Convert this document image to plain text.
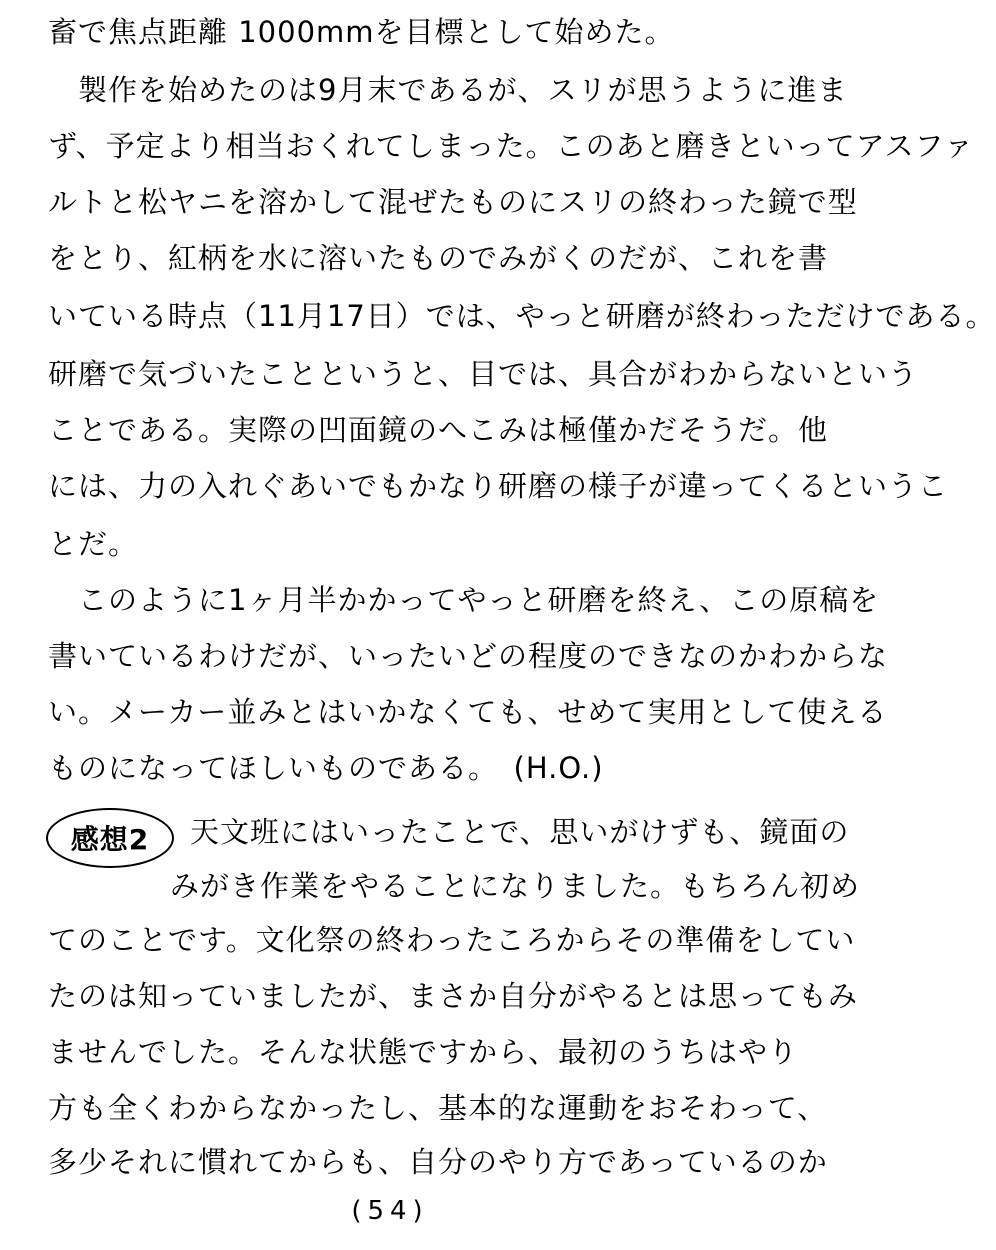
畜で焦点距離 1000mmを目標として始めた。
　製作を始めたのは9月末であるが、スリが思うように進ま
ず、予定より相当おくれてしまった。このあと磨きといってアスファ
ルトと松ヤニを溶かして混ぜたものにスリの終わった鏡で型
をとり、紅柄を水に溶いたものでみがくのだが、これを書
いている時点（11月17日）では、やっと研磨が終わっただけである。
研磨で気づいたことというと、目では、具合がわからないという
ことである。実際の凹面鏡のへこみは極僅かだそうだ。他
には、力の入れぐあいでもかなり研磨の様子が違ってくるというこ
とだ。
　このように1ヶ月半かかってやっと研磨を終え、この原稿を
書いているわけだが、いったいどの程度のできなのかわからな
い。メーカー並みとはいかなくても、せめて実用として使える
ものになってほしいものである。　(H.O.)
感想2	天文班にはいったことで、思いがけずも、鏡面の
みがき作業をやることになりました。もちろん初め
てのことです。文化祭の終わったころからその準備をしてい
たのは知っていましたが、まさか自分がやるとは思ってもみ
ませんでした。そんな状態ですから、最初のうちはやり
方も全くわからなかったし、基本的な運動をおそわって、
多少それに慣れてからも、自分のやり方であっているのか
(54)
